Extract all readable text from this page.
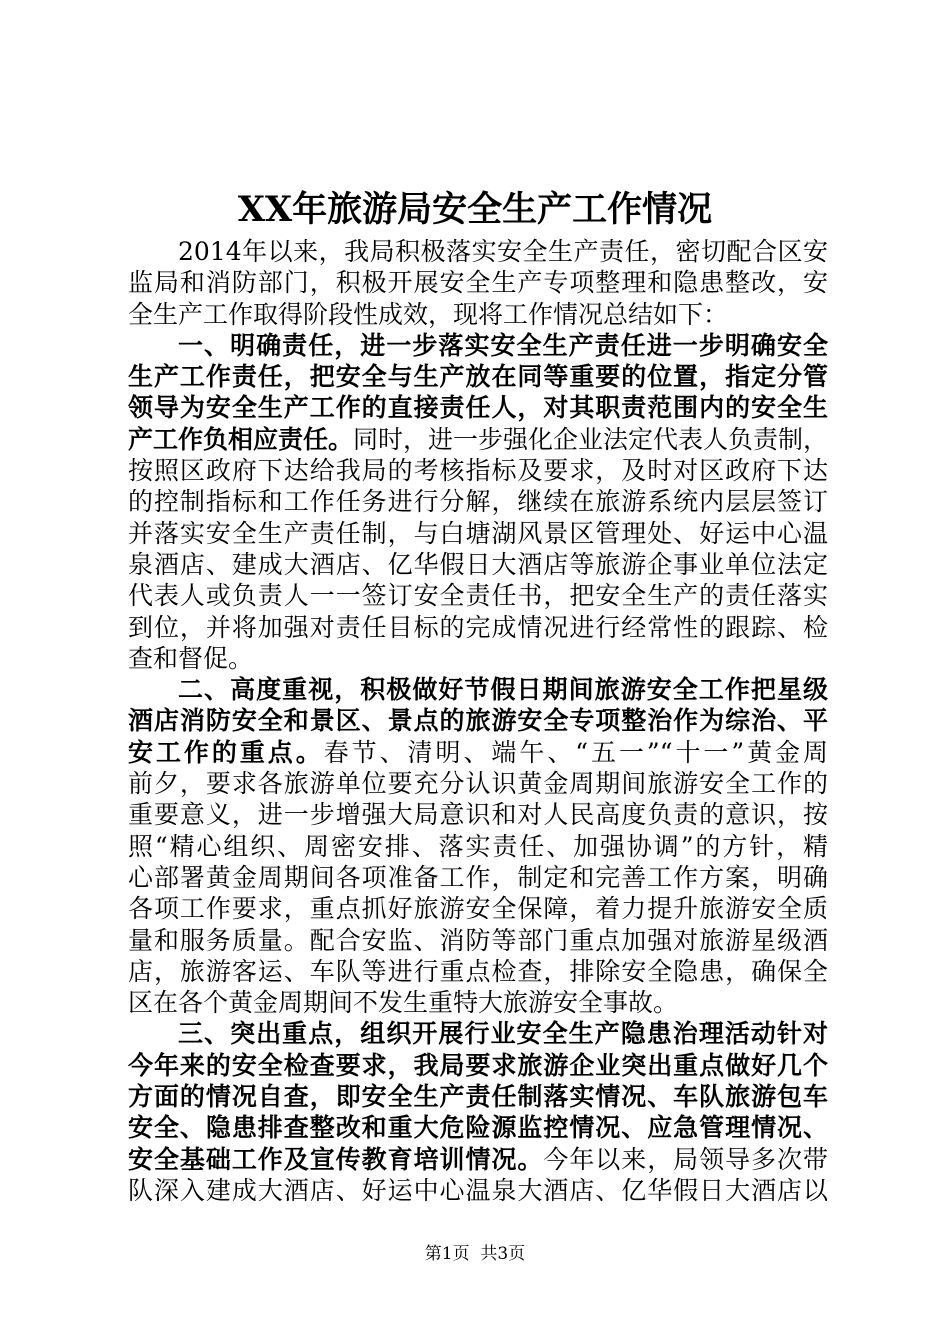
XX年旅游局安全生产工作情况
2014年以来，我局积极落实安全生产责任，密切配合区安
监局和消防部门，积极开展安全生产专项整理和隐患整改，安
全生产工作取得阶段性成效，现将工作情况总结如下：
一、明确责任，进一步落实安全生产责任进一步明确安全
生产工作责任，把安全与生产放在同等重要的位置，指定分管
领导为安全生产工作的直接责任人，对其职责范围内的安全生
产工作负相应责任。同时，进一步强化企业法定代表人负责制，
按照区政府下达给我局的考核指标及要求，及时对区政府下达
的控制指标和工作任务进行分解，继续在旅游系统内层层签订
并落实安全生产责任制，与白塘湖风景区管理处、好运中心温
泉酒店、建成大酒店、亿华假日大酒店等旅游企事业单位法定
代表人或负责人一一签订安全责任书，把安全生产的责任落实
到位，并将加强对责任目标的完成情况进行经常性的跟踪、检
查和督促。
二、高度重视，积极做好节假日期间旅游安全工作把星级
酒店消防安全和景区、景点的旅游安全专项整治作为综治、平
安工作的重点。春节、清明、端午、“五一”“十一”黄金周
前夕，要求各旅游单位要充分认识黄金周期间旅游安全工作的
重要意义，进一步增强大局意识和对人民高度负责的意识，按
照“精心组织、周密安排、落实责任、加强协调”的方针，精
心部署黄金周期间各项准备工作，制定和完善工作方案，明确
各项工作要求，重点抓好旅游安全保障，着力提升旅游安全质
量和服务质量。配合安监、消防等部门重点加强对旅游星级酒
店，旅游客运、车队等进行重点检查，排除安全隐患，确保全
区在各个黄金周期间不发生重特大旅游安全事故。
三、突出重点，组织开展行业安全生产隐患治理活动针对
今年来的安全检查要求，我局要求旅游企业突出重点做好几个
方面的情况自查，即安全生产责任制落实情况、车队旅游包车
安全、隐患排查整改和重大危险源监控情况、应急管理情况、
安全基础工作及宣传教育培训情况。今年以来，局领导多次带
队深入建成大酒店、好运中心温泉大酒店、亿华假日大酒店以
第1页  共3页
